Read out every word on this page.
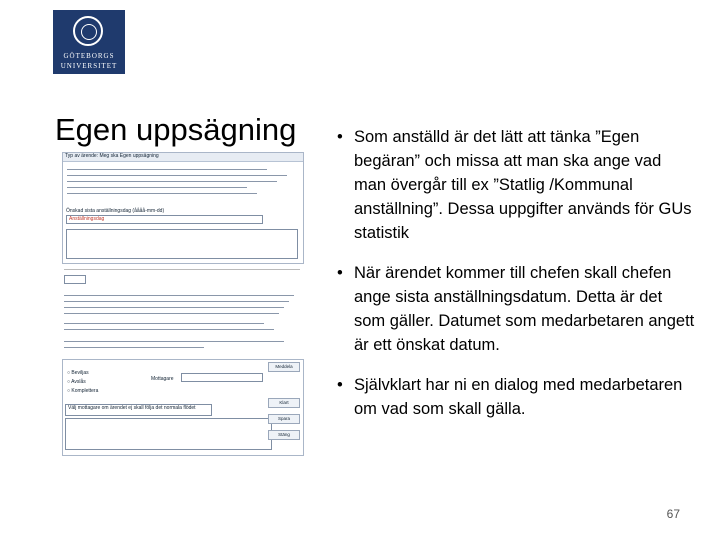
GÖTEBORGS
UNIVERSITET
Egen uppsägning • Som anställd är det lätt att tänka ”Egen begäran” och missa att man ska ange vad man övergår till ex ”Statlig /Kommunal anställning”. Dessa uppgifter används för GUs statistik
• När ärendet kommer till chefen skall chefen ange sista anställningsdatum. Detta är det som gäller. Datumet som medarbetaren angett är ett önskat datum.
• Självklart har ni en dialog med medarbetaren om vad som skall gälla.
Typ av ärende: Meg ska Egen uppsägning
Önskad sista anställningsdag (åååå-mm-dd)
Anställningsdag
○ Beviljas
○ Avslås
○ Komplettera
Mottagare
Välj mottagare om ärendet ej skall följa det normala flödet
Meddela
Klart
Spara
Stäng
67
